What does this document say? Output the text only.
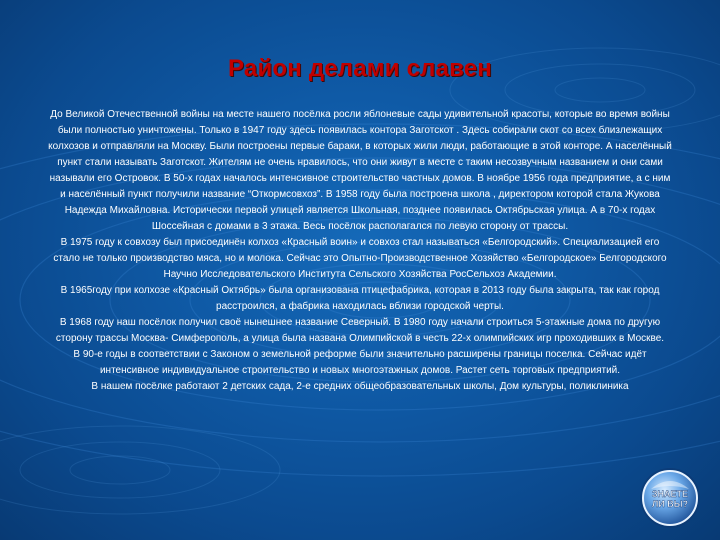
Район делами славен

До Великой Отечественной войны на месте нашего посёлка росли яблоневые сады удивительной красоты, которые во время войны были полностью уничтожены. Только в 1947 году здесь появилась контора Заготскот . Здесь собирали скот со всех близлежащих колхозов и отправляли на Москву. Были построены первые бараки, в которых жили люди, работающие в этой конторе. А населённый пункт стали называть Заготскот. Жителям не очень нравилось, что они живут в месте с таким несозвучным названием и они сами называли его Островок. В 50-х годах началось интенсивное строительство частных домов. В ноябре 1956 года предприятие, а с ним и населённый пункт получили название “Откормсовхоз”. В 1958 году была построена школа , директором которой стала Жукова Надежда Михайловна. Исторически первой улицей является Школьная, позднее появилась Октябрьская улица. А в 70-х годах Шоссейная с домами в 3 этажа. Весь посёлок располагался по левую сторону от трассы.

В 1975 году к совхозу был присоединён колхоз «Красный воин» и совхоз стал называться «Белгородский». Специализацией его стало не только производство мяса, но и молока. Сейчас это Опытно-Производственное Хозяйство «Белгородское» Белгородского Научно Исследовательского Института Сельского Хозяйства РосСельхоз Академии.

В 1965году при колхозе «Красный Октябрь» была организована птицефабрика, которая в 2013 году была закрыта, так как город расстроился, а фабрика находилась вблизи городской черты.

В 1968 году наш посёлок получил своё нынешнее название Северный. В 1980 году начали строиться 5-этажные дома по другую сторону трассы Москва- Симферополь, а улица была названа Олимпийской в честь 22-х олимпийских игр проходивших в Москве.

В 90-е годы в соответствии с Законом о земельной реформе были значительно расширены границы поселка. Сейчас идёт интенсивное индивидуальное строительство и новых многоэтажных домов. Растет сеть торговых предприятий.

В нашем посёлке работают 2 детских сада, 2-е средних общеобразовательных школы, Дом культуры, поликлиника

ЗНАЕТЕ
ЛИ ВЫ?
